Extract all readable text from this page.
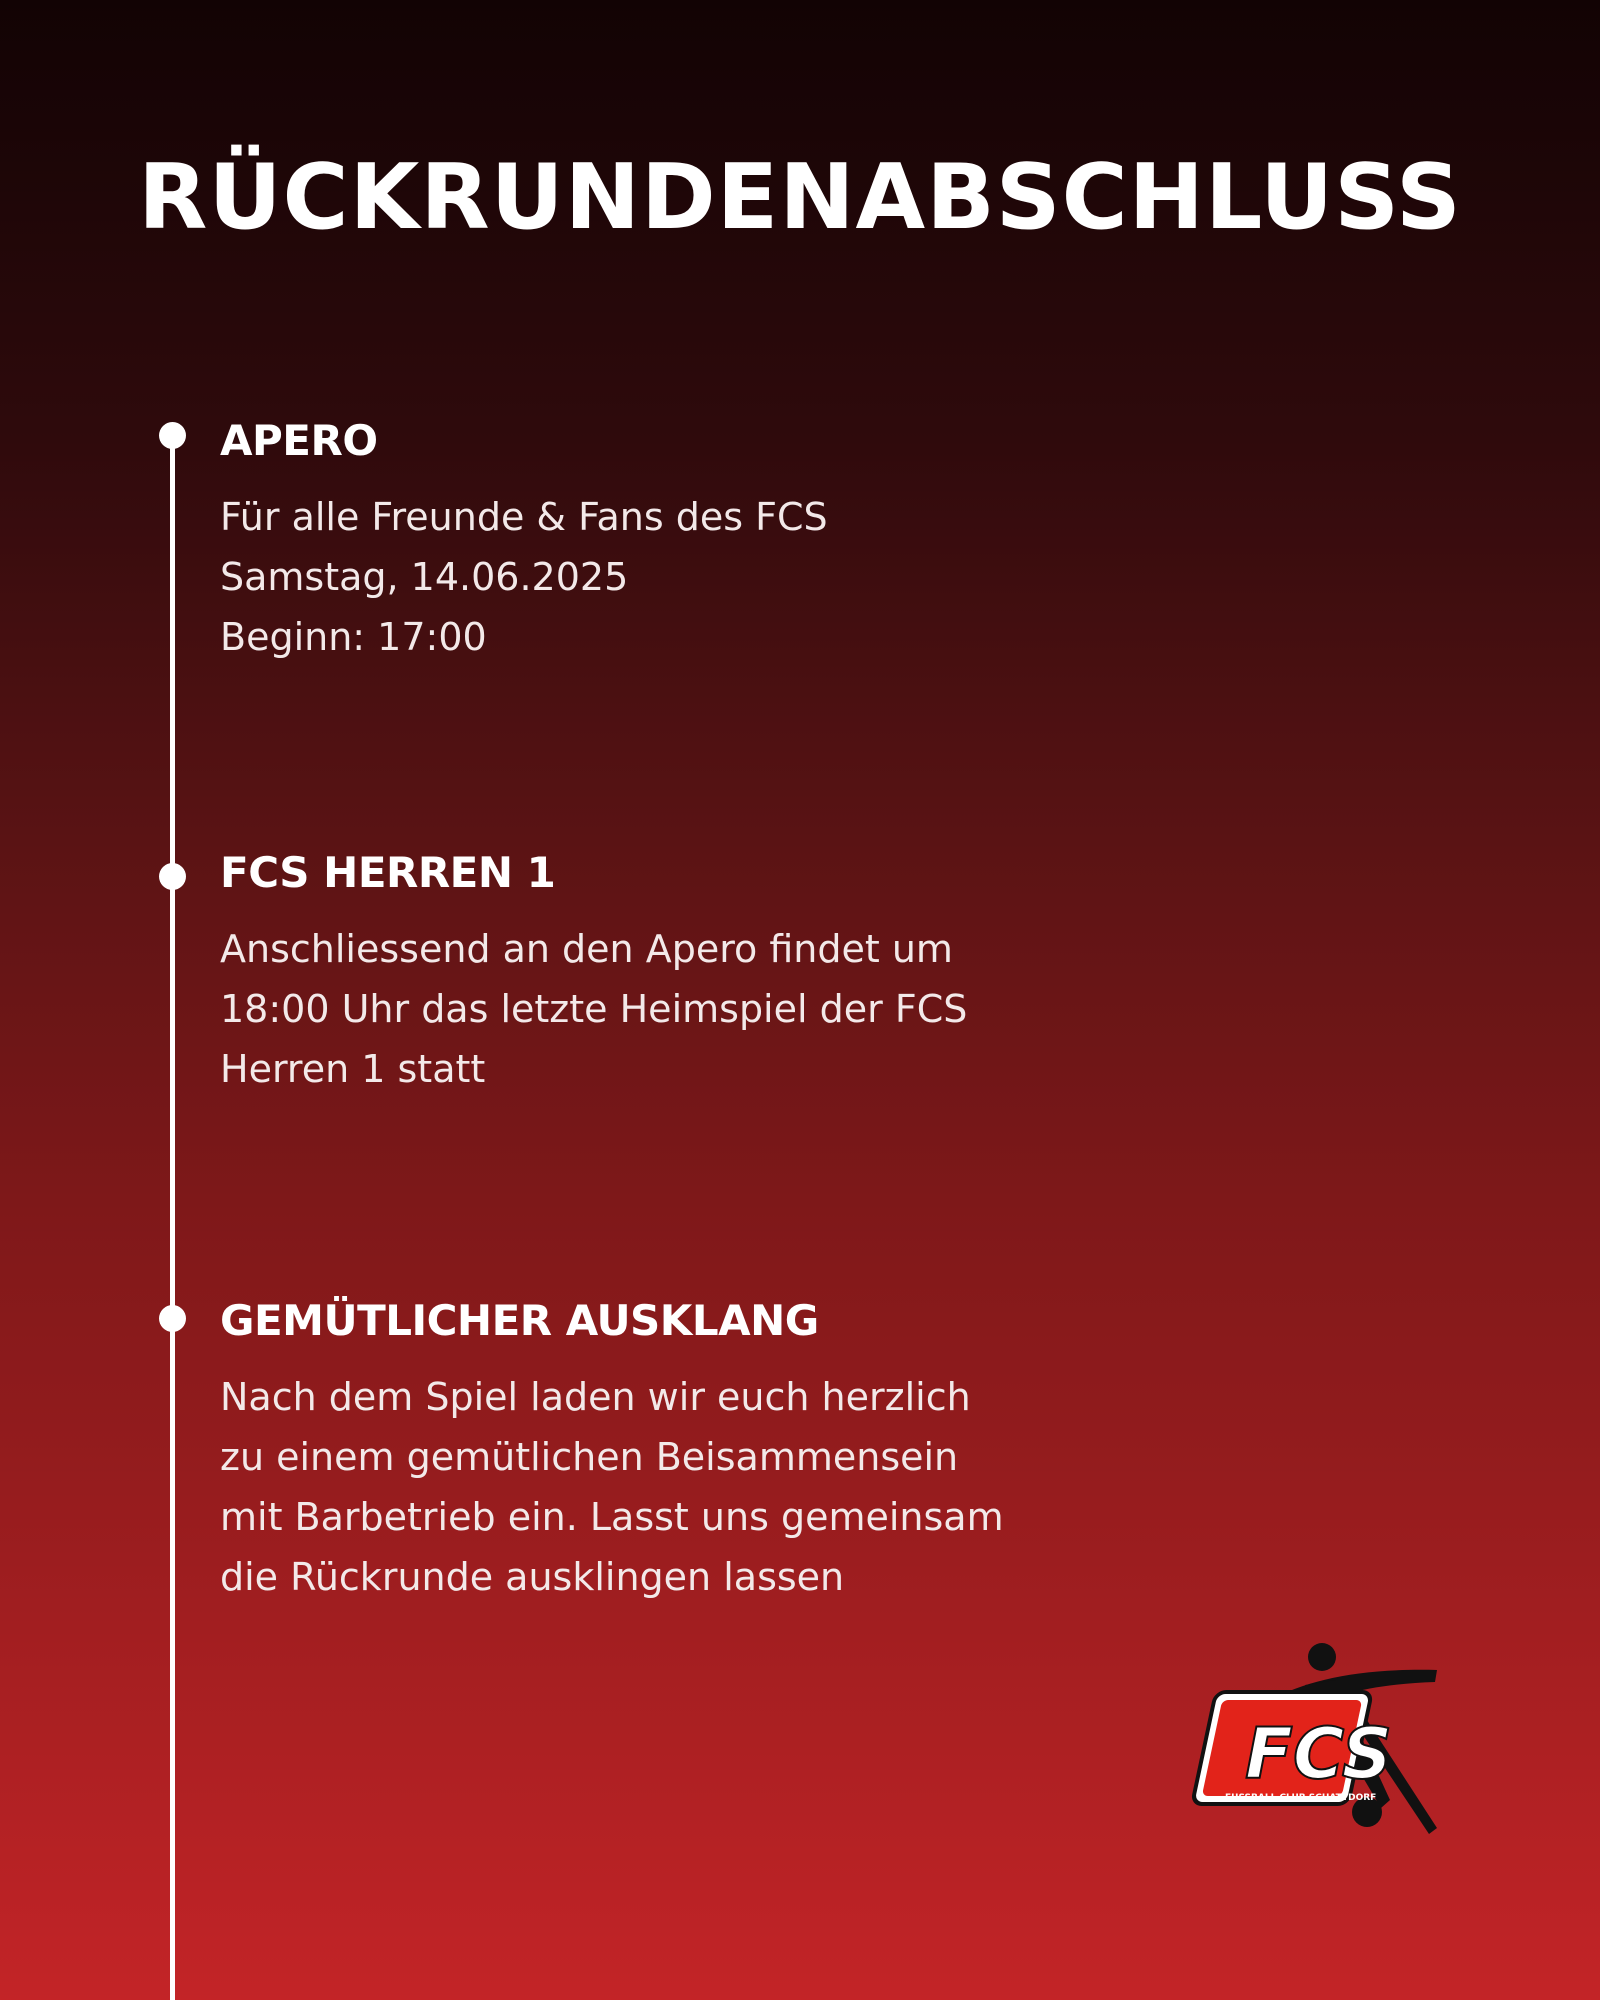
RÜCKRUNDENABSCHLUSS
APERO
Für alle Freunde & Fans des FCS
Samstag, 14.06.2025
Beginn: 17:00
FCS HERREN 1
Anschliessend an den Apero findet um
18:00 Uhr das letzte Heimspiel der FCS
Herren 1 statt
GEMÜTLICHER AUSKLANG
Nach dem Spiel laden wir euch herzlich
zu einem gemütlichen Beisammensein
mit Barbetrieb ein. Lasst uns gemeinsam
die Rückrunde ausklingen lassen
FCS
FUSSBALL CLUB SCHATTDORF
